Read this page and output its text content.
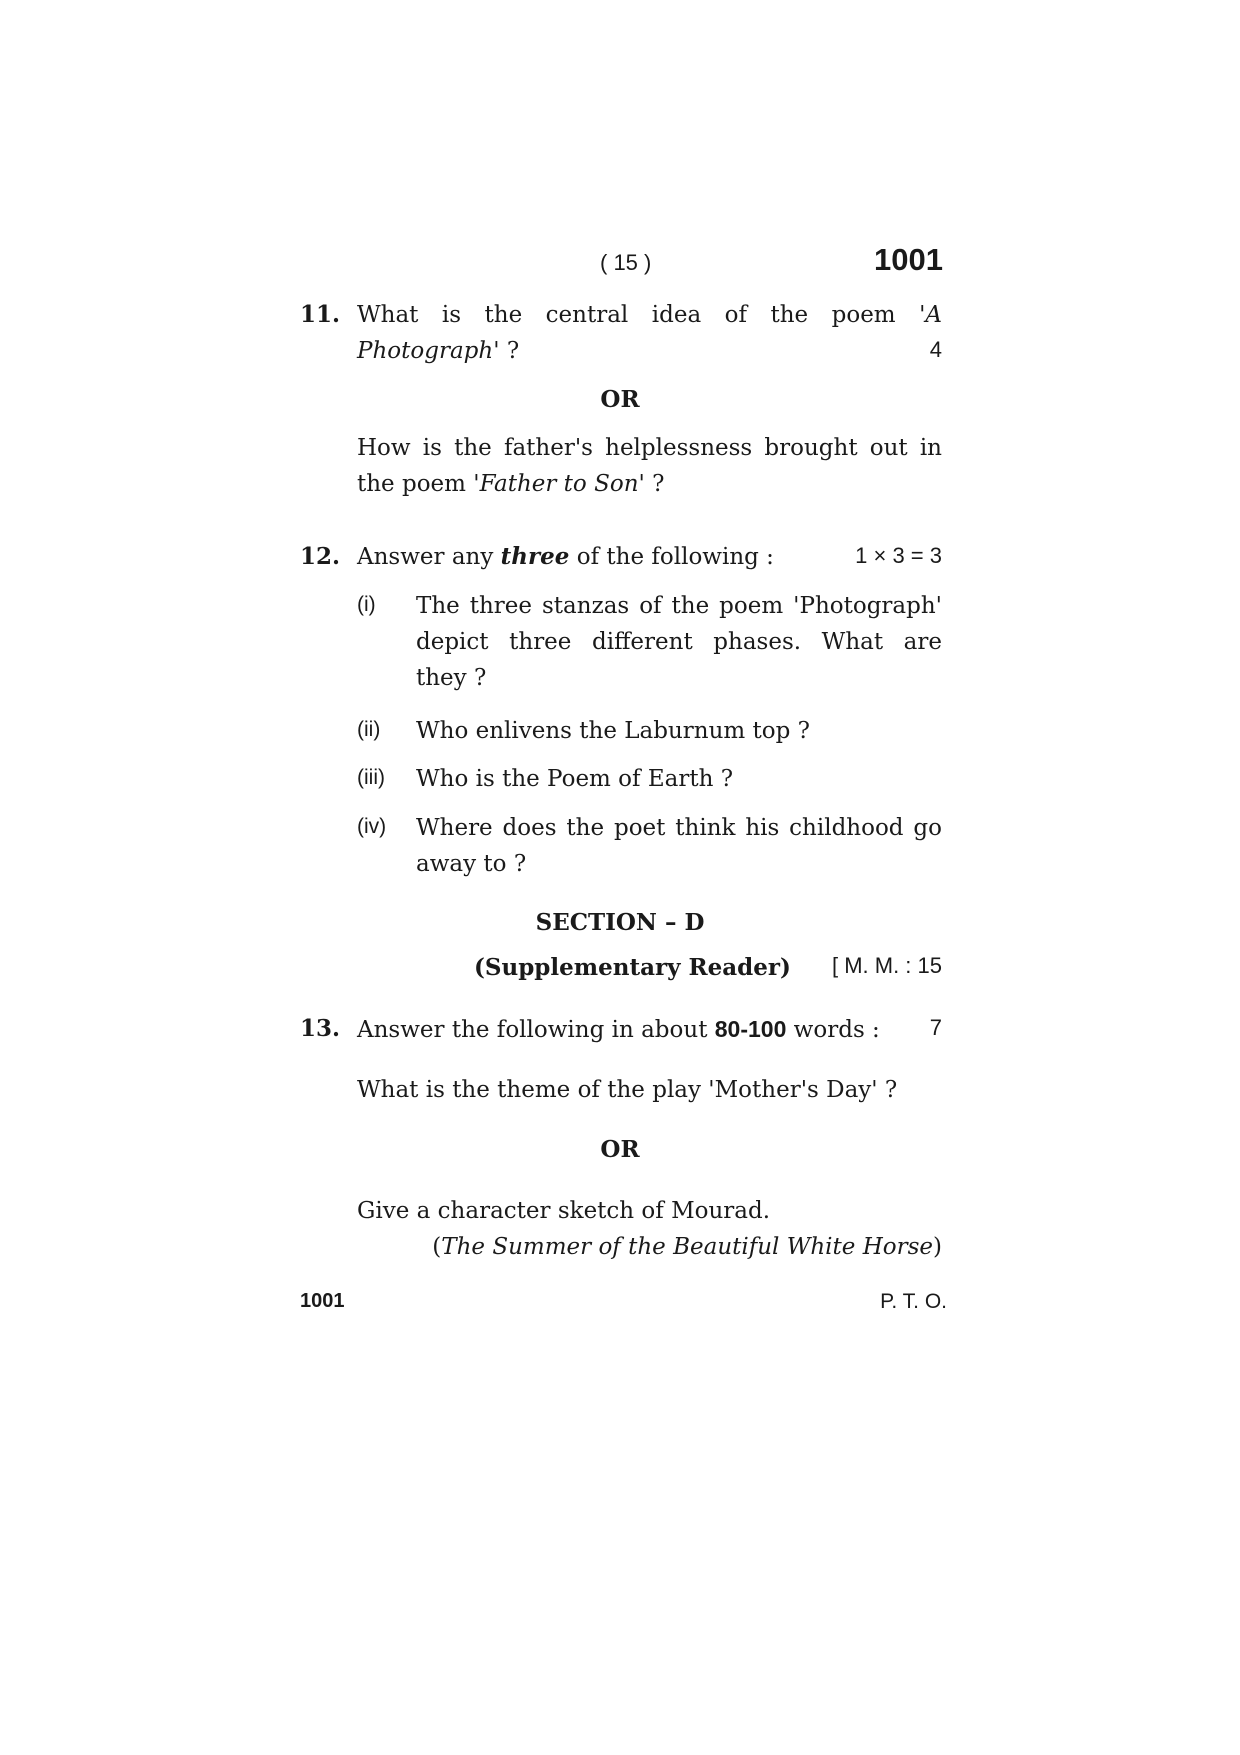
( 15 )	1001
11. What is the central idea of the poem 'A
Photograph' ?	4
OR
How is the father's helplessness brought out in
the poem 'Father to Son' ?
12. Answer any three of the following :	1 × 3 = 3
(i) The three stanzas of the poem 'Photograph'
depict three different phases. What are
they ?
(ii) Who enlivens the Laburnum top ?
(iii) Who is the Poem of Earth ?
(iv) Where does the poet think his childhood go
away to ?
SECTION – D
(Supplementary Reader)	[ M. M. : 15
13. Answer the following in about 80-100 words :	7
What is the theme of the play 'Mother's Day' ?
OR
Give a character sketch of Mourad.
(The Summer of the Beautiful White Horse)
1001	P. T. O.
